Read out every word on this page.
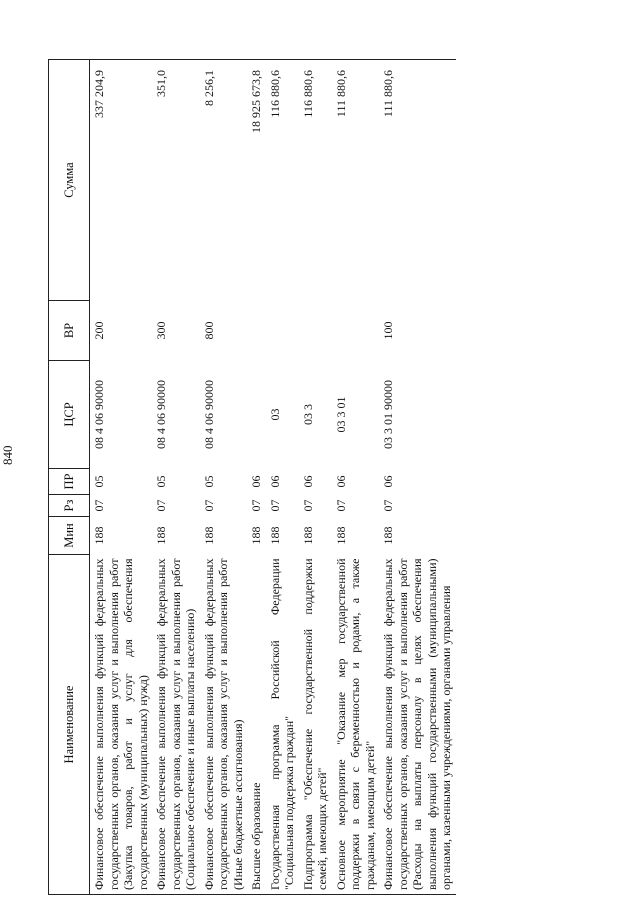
840
Наименование	Мин	Рз	ПР	ЦСР	ВР	Сумма
Финансовое обеспечение выполнения функций федеральных государственных органов, оказания услуг и выполнения работ (Закупка товаров, работ и услуг для обеспечения государственных (муниципальных) нужд)	188	07	05	08 4 06 90000	200	337 204,9
Финансовое обеспечение выполнения функций федеральных государственных органов, оказания услуг и выполнения работ (Социальное обеспечение и иные выплаты населению)	188	07	05	08 4 06 90000	300	351,0
Финансовое обеспечение выполнения функций федеральных государственных органов, оказания услуг и выполнения работ (Иные бюджетные ассигнования)	188	07	05	08 4 06 90000	800	8 256,1
Высшее образование	188	07	06			18 925 673,8
Государственная программа Российской Федерации "Социальная поддержка граждан"	188	07	06	03		116 880,6
Подпрограмма "Обеспечение государственной поддержки семей, имеющих детей"	188	07	06	03 3		116 880,6
Основное мероприятие "Оказание мер государственной поддержки в связи с беременностью и родами, а также гражданам, имеющим детей"	188	07	06	03 3 01		111 880,6
Финансовое обеспечение выполнения функций федеральных государственных органов, оказания услуг и выполнения работ (Расходы на выплаты персоналу в целях обеспечения выполнения функций государственными (муниципальными) органами, казенными учреждениями, органами управления	188	07	06	03 3 01 90000	100	111 880,6
